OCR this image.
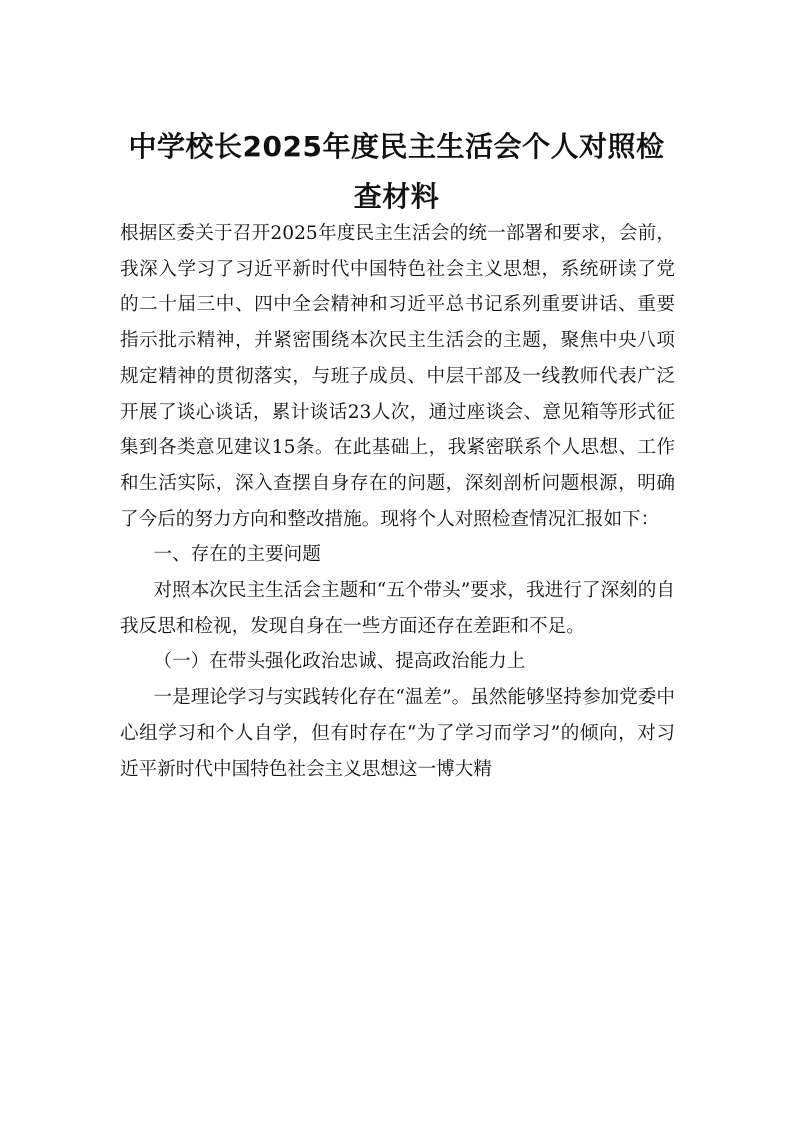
中学校长2025年度民主生活会个人对照检
查材料

根据区委关于召开2025年度民主生活会的统一部署和要求，会前，我深入学习了习近平新时代中国特色社会主义思想，系统研读了党的二十届三中、四中全会精神和习近平总书记系列重要讲话、重要指示批示精神，并紧密围绕本次民主生活会的主题，聚焦中央八项规定精神的贯彻落实，与班子成员、中层干部及一线教师代表广泛开展了谈心谈话，累计谈话23人次，通过座谈会、意见箱等形式征集到各类意见建议15条。在此基础上，我紧密联系个人思想、工作和生活实际，深入查摆自身存在的问题，深刻剖析问题根源，明确了今后的努力方向和整改措施。现将个人对照检查情况汇报如下：

一、存在的主要问题

对照本次民主生活会主题和“五个带头”要求，我进行了深刻的自我反思和检视，发现自身在一些方面还存在差距和不足。

（一）在带头强化政治忠诚、提高政治能力上

一是理论学习与实践转化存在“温差”。虽然能够坚持参加党委中心组学习和个人自学，但有时存在“为了学习而学习”的倾向，对习近平新时代中国特色社会主义思想这一博大精
